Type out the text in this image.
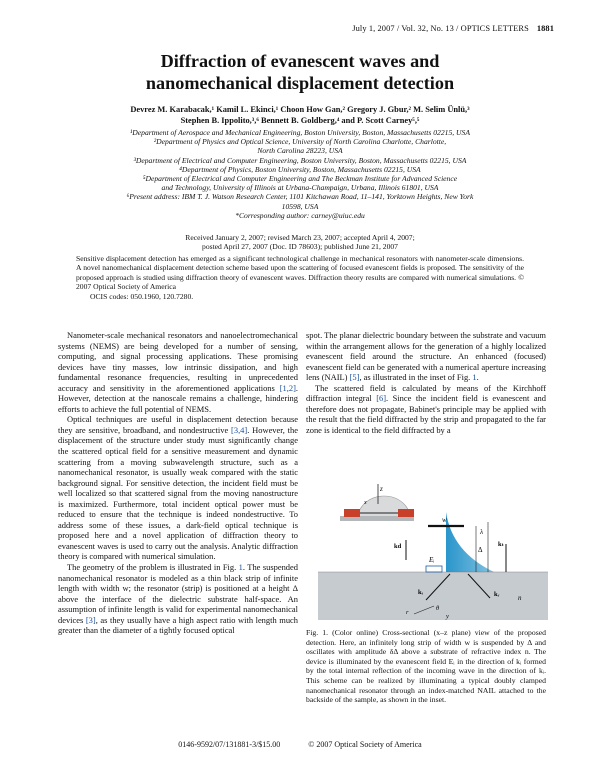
July 1, 2007 / Vol. 32, No. 13 / OPTICS LETTERS 1881
Diffraction of evanescent waves and
nanomechanical displacement detection
Devrez M. Karabacak,¹ Kamil L. Ekinci,¹ Choon How Gan,² Gregory J. Gbur,² M. Selim Ünlü,³
Stephen B. Ippolito,³,⁶ Bennett B. Goldberg,⁴ and P. Scott Carney⁵,⁵
¹Department of Aerospace and Mechanical Engineering, Boston University, Boston, Massachusetts 02215, USA
²Department of Physics and Optical Science, University of North Carolina Charlotte, Charlotte,
North Carolina 28223, USA
³Department of Electrical and Computer Engineering, Boston University, Boston, Massachusetts 02215, USA
⁴Department of Physics, Boston University, Boston, Massachusetts 02215, USA
⁵Department of Electrical and Computer Engineering and The Beckman Institute for Advanced Science
and Technology, University of Illinois at Urbana-Champaign, Urbana, Illinois 61801, USA
⁶Present address: IBM T. J. Watson Research Center, 1101 Kitchawan Road, 11–141, Yorktown Heights, New York
10598, USA
*Corresponding author: carney@uiuc.edu
Received January 2, 2007; revised March 23, 2007; accepted April 4, 2007;
posted April 27, 2007 (Doc. ID 78603); published June 21, 2007
Sensitive displacement detection has emerged as a significant technological challenge in mechanical resonators with nanometer-scale dimensions. A novel nanomechanical displacement detection scheme based upon the scattering of focused evanescent fields is proposed. The sensitivity of the proposed approach is studied using diffraction theory of evanescent waves. Diffraction theory results are compared with numerical simulations. © 2007 Optical Society of America
OCIS codes: 050.1960, 120.7280.

Nanometer-scale mechanical resonators and nanoelectromechanical systems (NEMS) are being developed for a number of sensing, computing, and signal processing applications. These promising devices have tiny masses, low intrinsic dissipation, and high fundamental resonance frequencies, resulting in unprecedented accuracy and sensitivity in the aforementioned applications [1,2]. However, detection at the nanoscale remains a challenge, hindering efforts to achieve the full potential of NEMS.

Optical techniques are useful in displacement detection because they are sensitive, broadband, and nondestructive [3,4]. However, the displacement of the structure under study must significantly change the scattered optical field for a sensitive measurement and dynamic scattering from a moving subwavelength structure, such as a nanomechanical resonator, is usually weak compared with the static background signal. For sensitive detection, the incident field must be well localized so that scattered signal from the moving nanostructure is maximized. Furthermore, total incident optical power must be reduced to ensure that the technique is indeed nondestructive. To address some of these issues, a dark-field optical technique is proposed here and a novel application of diffraction theory to evanescent waves is used to carry out the analysis. Analytic diffraction theory is compared with numerical simulation.

The geometry of the problem is illustrated in Fig. 1. The suspended nanomechanical resonator is modeled as a thin black strip of infinite length with width w; the resonator (strip) is positioned at a height Δ above the interface of the dielectric substrate half-space. An assumption of infinite length is valid for experimental nanomechanical devices [3], as they usually have a high aspect ratio with length much greater than the diameter of a tightly focused optical

spot. The planar dielectric boundary between the substrate and vacuum within the arrangement allows for the generation of a highly localized evanescent field around the structure. An enhanced (focused) evanescent field can be generated with a numerical aperture increasing lens (NAIL) [5], as illustrated in the inset of Fig. 1.

The scattered field is calculated by means of the Kirchhoff diffraction integral [6]. Since the incident field is evanescent and therefore does not propagate, Babinet's principle may be applied with the result that the field diffracted by the strip and propagated to the far zone is identical to the field diffracted by a

z
x
Eᵢ
w
Δ
λ
kd	kₜ
kᵢ	kᵣ	n
r
θ
y
Fig. 1. (Color online) Cross-sectional (x–z plane) view of the proposed detection. Here, an infinitely long strip of width w is suspended by Δ and oscillates with amplitude δΔ above a substrate of refractive index n. The device is illuminated by the evanescent field Eᵢ in the direction of kᵢ formed by the total internal reflection of the incoming wave in the direction of kᵢ. This scheme can be realized by illuminating a typical doubly clamped nanomechanical resonator through an index-matched NAIL attached to the backside of the sample, as shown in the inset.
0146-9592/07/131881-3/$15.00	© 2007 Optical Society of America
